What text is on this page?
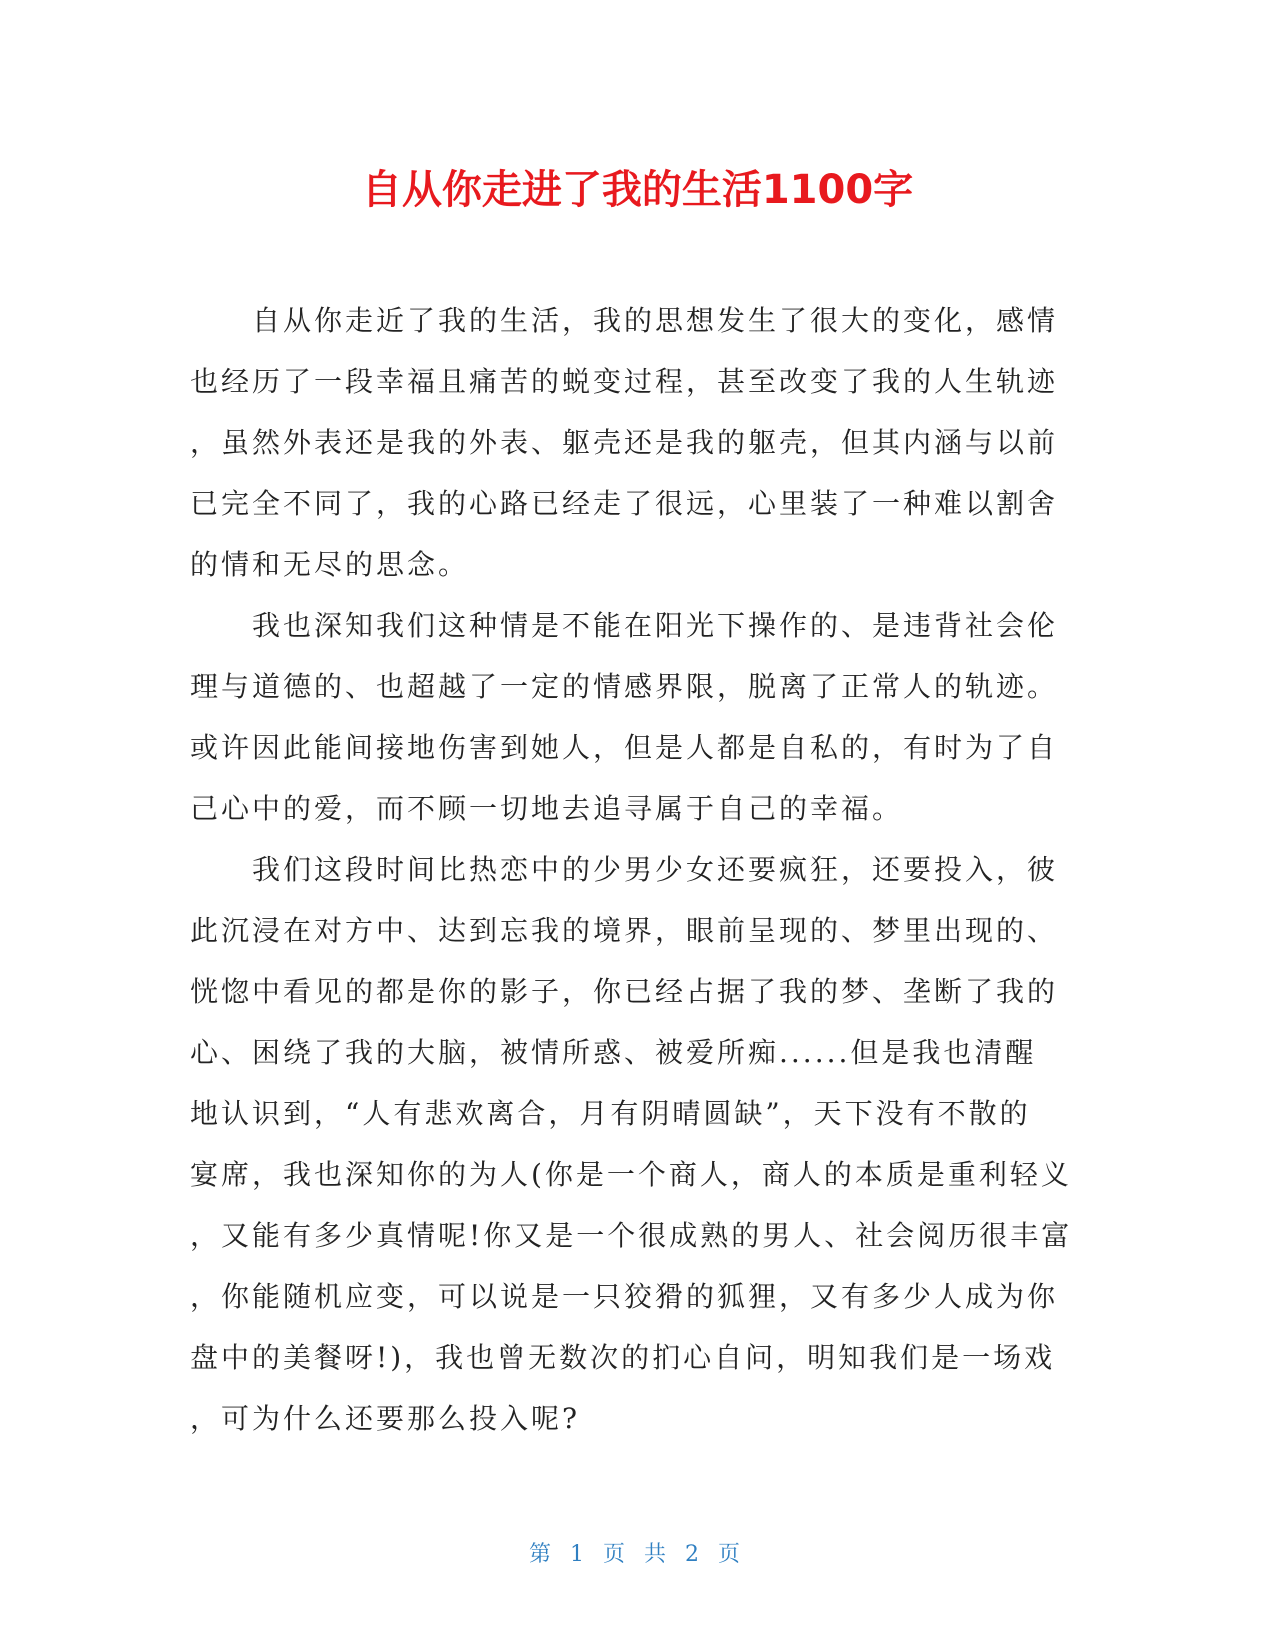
自从你走进了我的生活1100字
自从你走近了我的生活，我的思想发生了很大的变化，感情
也经历了一段幸福且痛苦的蜕变过程，甚至改变了我的人生轨迹
，虽然外表还是我的外表、躯壳还是我的躯壳，但其内涵与以前
已完全不同了，我的心路已经走了很远，心里装了一种难以割舍
的情和无尽的思念。
我也深知我们这种情是不能在阳光下操作的、是违背社会伦
理与道德的、也超越了一定的情感界限，脱离了正常人的轨迹。
或许因此能间接地伤害到她人，但是人都是自私的，有时为了自
己心中的爱，而不顾一切地去追寻属于自己的幸福。
我们这段时间比热恋中的少男少女还要疯狂，还要投入，彼
此沉浸在对方中、达到忘我的境界，眼前呈现的、梦里出现的、
恍惚中看见的都是你的影子，你已经占据了我的梦、垄断了我的
心、困绕了我的大脑，被情所惑、被爱所痴......但是我也清醒
地认识到，“人有悲欢离合，月有阴晴圆缺”，天下没有不散的
宴席，我也深知你的为人(你是一个商人，商人的本质是重利轻义
，又能有多少真情呢!你又是一个很成熟的男人、社会阅历很丰富
，你能随机应变，可以说是一只狡猾的狐狸，又有多少人成为你
盘中的美餐呀!)，我也曾无数次的扪心自问，明知我们是一场戏
，可为什么还要那么投入呢?
第 1 页 共 2 页
